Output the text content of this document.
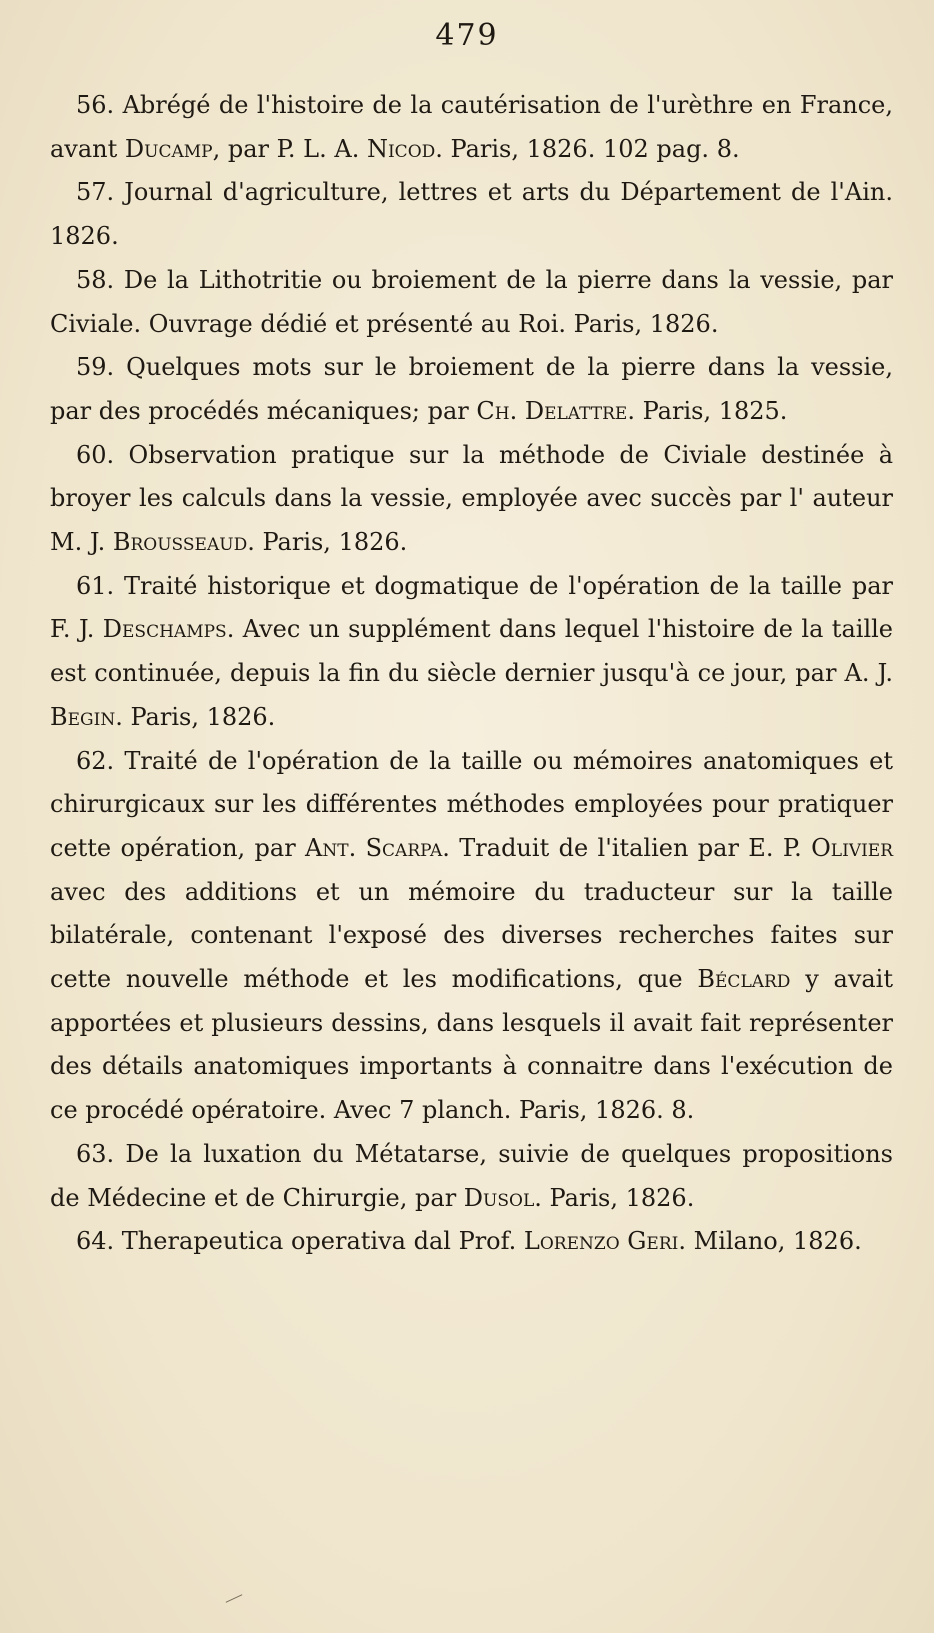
479

56. Abrégé de l'histoire de la cautérisation de l'urèthre en France, avant Ducamp, par P. L. A. Nicod. Paris, 1826. 102 pag. 8.

57. Journal d'agriculture, lettres et arts du Département de l'Ain. 1826.

58. De la Lithotritie ou broiement de la pierre dans la vessie, par Civiale. Ouvrage dédié et présenté au Roi. Paris, 1826.

59. Quelques mots sur le broiement de la pierre dans la vessie, par des procédés mécaniques; par Ch. Delattre. Paris, 1825.

60. Observation pratique sur la méthode de Civiale destinée à broyer les calculs dans la vessie, employée avec succès par l' auteur M. J. Brousseaud. Paris, 1826.

61. Traité historique et dogmatique de l'opération de la taille par F. J. Deschamps. Avec un supplément dans lequel l'histoire de la taille est continuée, depuis la fin du siècle dernier jusqu'à ce jour, par A. J. Begin. Paris, 1826.

62. Traité de l'opération de la taille ou mémoires anatomiques et chirurgicaux sur les différentes méthodes employées pour pratiquer cette opération, par Ant. Scarpa. Traduit de l'italien par E. P. Olivier avec des additions et un mémoire du traducteur sur la taille bilatérale, contenant l'exposé des diverses recherches faites sur cette nouvelle méthode et les modifications, que Béclard y avait apportées et plusieurs dessins, dans lesquels il avait fait représenter des détails anatomiques importants à connaitre dans l'exécution de ce procédé opératoire. Avec 7 planch. Paris, 1826. 8.

63. De la luxation du Métatarse, suivie de quelques propositions de Médecine et de Chirurgie, par Dusol. Paris, 1826.

64. Therapeutica operativa dal Prof. Lorenzo Geri. Milano, 1826.
